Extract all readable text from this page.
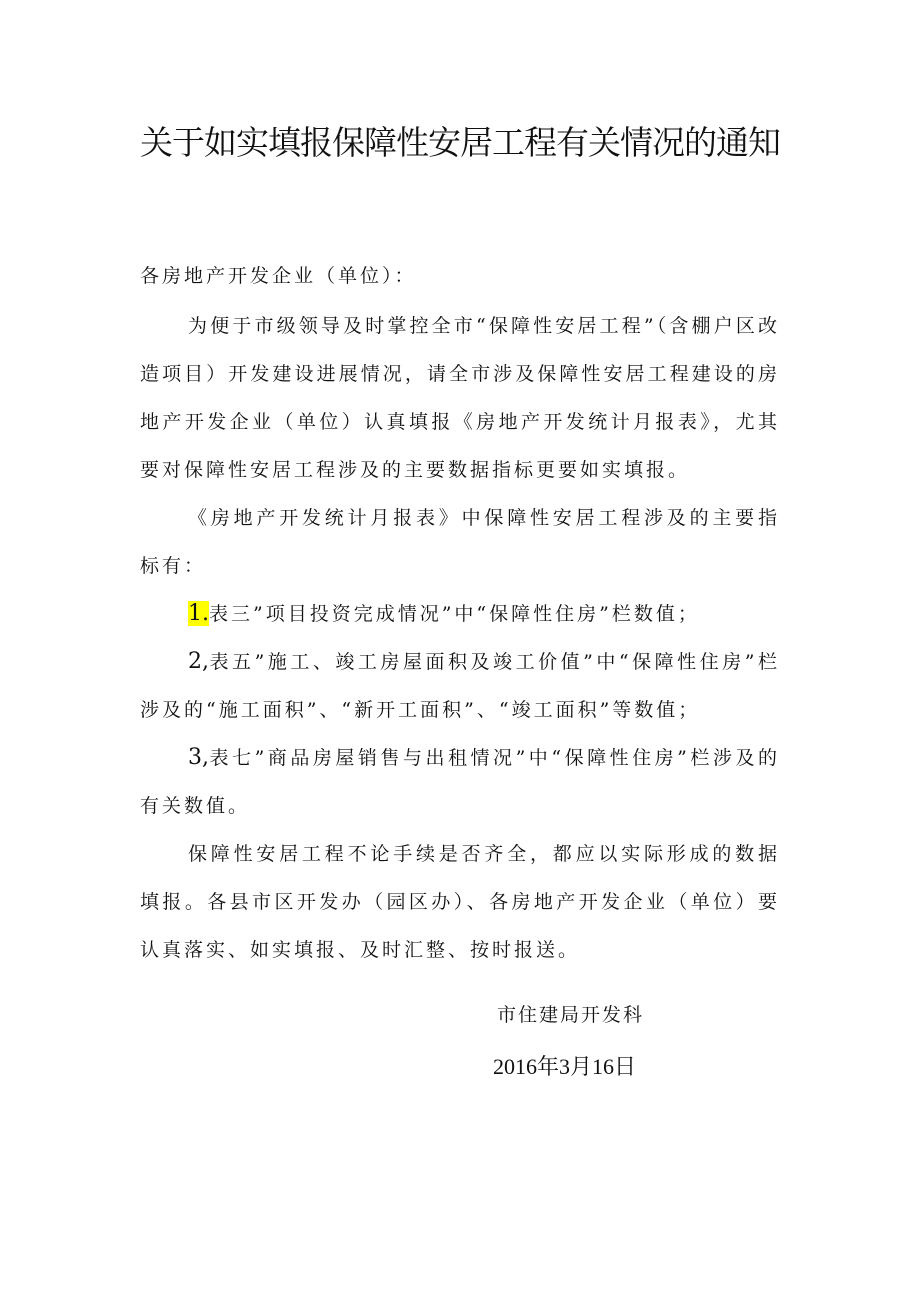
关于如实填报保障性安居工程有关情况的通知

各房地产开发企业（单位）：

为便于市级领导及时掌控全市“保障性安居工程”（含棚户区改造项目）开发建设进展情况，请全市涉及保障性安居工程建设的房地产开发企业（单位）认真填报《房地产开发统计月报表》，尤其要对保障性安居工程涉及的主要数据指标更要如实填报。

《房地产开发统计月报表》中保障性安居工程涉及的主要指标有：

1.表三”项目投资完成情况”中“保障性住房”栏数值；

2,表五”施工、竣工房屋面积及竣工价值”中“保障性住房”栏涉及的“施工面积”、“新开工面积”、“竣工面积”等数值；

3,表七”商品房屋销售与出租情况”中“保障性住房”栏涉及的有关数值。

保障性安居工程不论手续是否齐全，都应以实际形成的数据填报。各县市区开发办（园区办）、各房地产开发企业（单位）要认真落实、如实填报、及时汇整、按时报送。

市住建局开发科

2016年3月16日
